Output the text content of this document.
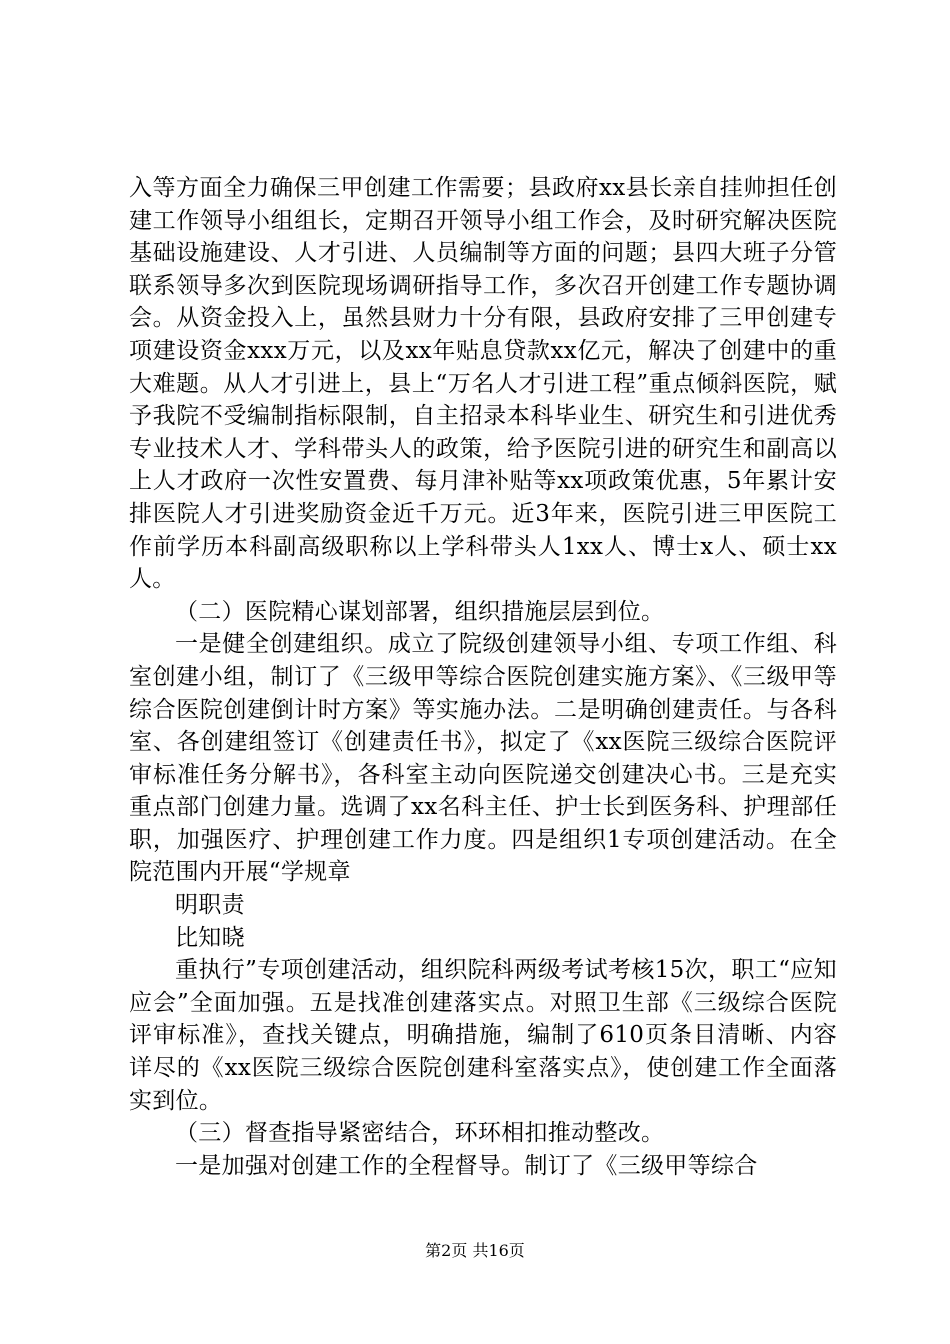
入等方面全力确保三甲创建工作需要；县政府xx县长亲自挂帅担任创建工作领导小组组长，定期召开领导小组工作会，及时研究解决医院基础设施建设、人才引进、人员编制等方面的问题；县四大班子分管联系领导多次到医院现场调研指导工作，多次召开创建工作专题协调会。从资金投入上，虽然县财力十分有限，县政府安排了三甲创建专项建设资金xxx万元，以及xx年贴息贷款xx亿元，解决了创建中的重大难题。从人才引进上，县上“万名人才引进工程”重点倾斜医院，赋予我院不受编制指标限制，自主招录本科毕业生、研究生和引进优秀专业技术人才、学科带头人的政策，给予医院引进的研究生和副高以上人才政府一次性安置费、每月津补贴等xx项政策优惠，5年累计安排医院人才引进奖励资金近千万元。近3年来，医院引进三甲医院工作前学历本科副高级职称以上学科带头人1xx人、博士x人、硕士xx人。

（二）医院精心谋划部署，组织措施层层到位。

一是健全创建组织。成立了院级创建领导小组、专项工作组、科室创建小组，制订了《三级甲等综合医院创建实施方案》、《三级甲等综合医院创建倒计时方案》等实施办法。二是明确创建责任。与各科室、各创建组签订《创建责任书》，拟定了《xx医院三级综合医院评审标准任务分解书》，各科室主动向医院递交创建决心书。三是充实重点部门创建力量。选调了xx名科主任、护士长到医务科、护理部任职，加强医疗、护理创建工作力度。四是组织1专项创建活动。在全院范围内开展“学规章

明职责

比知晓

重执行”专项创建活动，组织院科两级考试考核15次，职工“应知应会”全面加强。五是找准创建落实点。对照卫生部《三级综合医院评审标准》，查找关键点，明确措施，编制了610页条目清晰、内容详尽的《xx医院三级综合医院创建科室落实点》，使创建工作全面落实到位。

（三）督查指导紧密结合，环环相扣推动整改。

一是加强对创建工作的全程督导。制订了《三级甲等综合

第2页 共16页
